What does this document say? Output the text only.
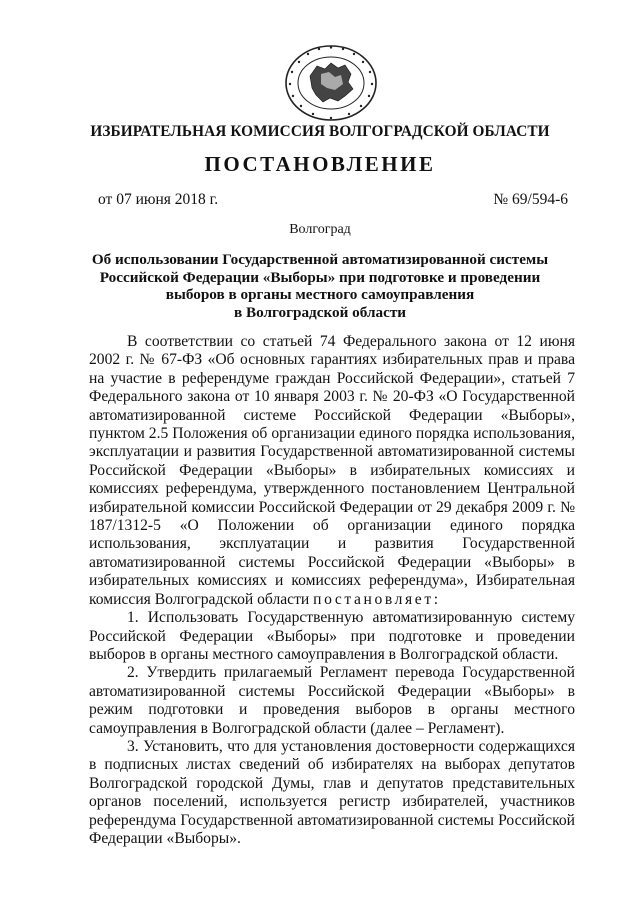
ИЗБИРАТЕЛЬНАЯ КОМИССИЯ ВОЛГОГРАДСКОЙ ОБЛАСТИ
ПОСТАНОВЛЕНИЕ
от 07 июня 2018 г.	№ 69/594-6
Волгоград
Об использовании Государственной автоматизированной системы
Российской Федерации «Выборы» при подготовке и проведении
выборов в органы местного самоуправления
в Волгоградской области

В соответствии со статьей 74 Федерального закона от 12 июня 2002 г. № 67-ФЗ «Об основных гарантиях избирательных прав и права на участие в референдуме граждан Российской Федерации», статьей 7 Федерального закона от 10 января 2003 г. № 20-ФЗ «О Государственной автоматизированной системе Российской Федерации «Выборы», пунктом 2.5 Положения об организации единого порядка использования, эксплуатации и развития Государственной автоматизированной системы Российской Федерации «Выборы» в избирательных комиссиях и комиссиях референдума, утвержденного постановлением Центральной избирательной комиссии Российской Федерации от 29 декабря 2009 г. № 187/1312-5 «О Положении об организации единого порядка использования, эксплуатации и развития Государственной автоматизированной системы Российской Федерации «Выборы» в избирательных комиссиях и комиссиях референдума», Избирательная комиссия Волгоградской области постановляет:

1. Использовать Государственную автоматизированную систему Российской Федерации «Выборы» при подготовке и проведении выборов в органы местного самоуправления в Волгоградской области.

2. Утвердить прилагаемый Регламент перевода Государственной автоматизированной системы Российской Федерации «Выборы» в режим подготовки и проведения выборов в органы местного самоуправления в Волгоградской области (далее – Регламент).

3. Установить, что для установления достоверности содержащихся в подписных листах сведений об избирателях на выборах депутатов Волгоградской городской Думы, глав и депутатов представительных органов поселений, используется регистр избирателей, участников референдума Государственной автоматизированной системы Российской Федерации «Выборы».
